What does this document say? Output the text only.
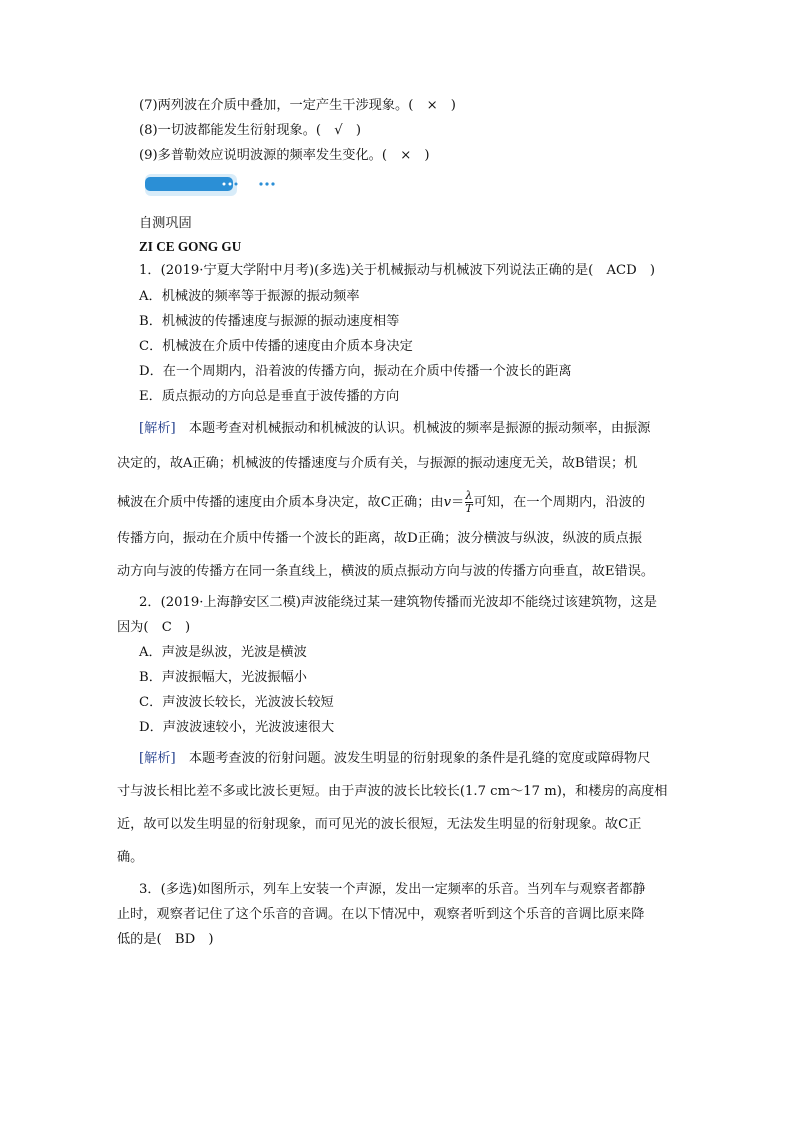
(7)两列波在介质中叠加，一定产生干涉现象。(　×　)
(8)一切波都能发生衍射现象。(　√　)
(9)多普勒效应说明波源的频率发生变化。(　×　)
自测巩固
ZI CE GONG GU
1．(2019·宁夏大学附中月考)(多选)关于机械振动与机械波下列说法正确的是(　ACD　)
A．机械波的频率等于振源的振动频率
B．机械波的传播速度与振源的振动速度相等
C．机械波在介质中传播的速度由介质本身决定
D．在一个周期内，沿着波的传播方向，振动在介质中传播一个波长的距离
E．质点振动的方向总是垂直于波传播的方向
[解析]　本题考查对机械振动和机械波的认识。机械波的频率是振源的振动频率，由振源
决定的，故A正确；机械波的传播速度与介质有关，与振源的振动速度无关，故B错误；机
械波在介质中传播的速度由介质本身决定，故C正确；由$v= \frac{\lambda}{T}$ 可知，在一个周期内，沿波的
传播方向，振动在介质中传播一个波长的距离，故D正确；波分横波与纵波，纵波的质点振
动方向与波的传播方在同一条直线上，横波的质点振动方向与波的传播方向垂直，故E错误。
2．(2019·上海静安区二模)声波能绕过某一建筑物传播而光波却不能绕过该建筑物，这是
因为(　C　)
A．声波是纵波，光波是横波
B．声波振幅大，光波振幅小
C．声波波长较长，光波波长较短
D．声波波速较小，光波波速很大
[解析]　本题考查波的衍射问题。波发生明显的衍射现象的条件是孔缝的宽度或障碍物尺
寸与波长相比差不多或比波长更短。由于声波的波长比较长(1.7 cm～17 m)，和楼房的高度相
近，故可以发生明显的衍射现象，而可见光的波长很短，无法发生明显的衍射现象。故C正
确。
3．(多选)如图所示，列车上安装一个声源，发出一定频率的乐音。当列车与观察者都静
止时，观察者记住了这个乐音的音调。在以下情况中，观察者听到这个乐音的音调比原来降
低的是(　BD　)
